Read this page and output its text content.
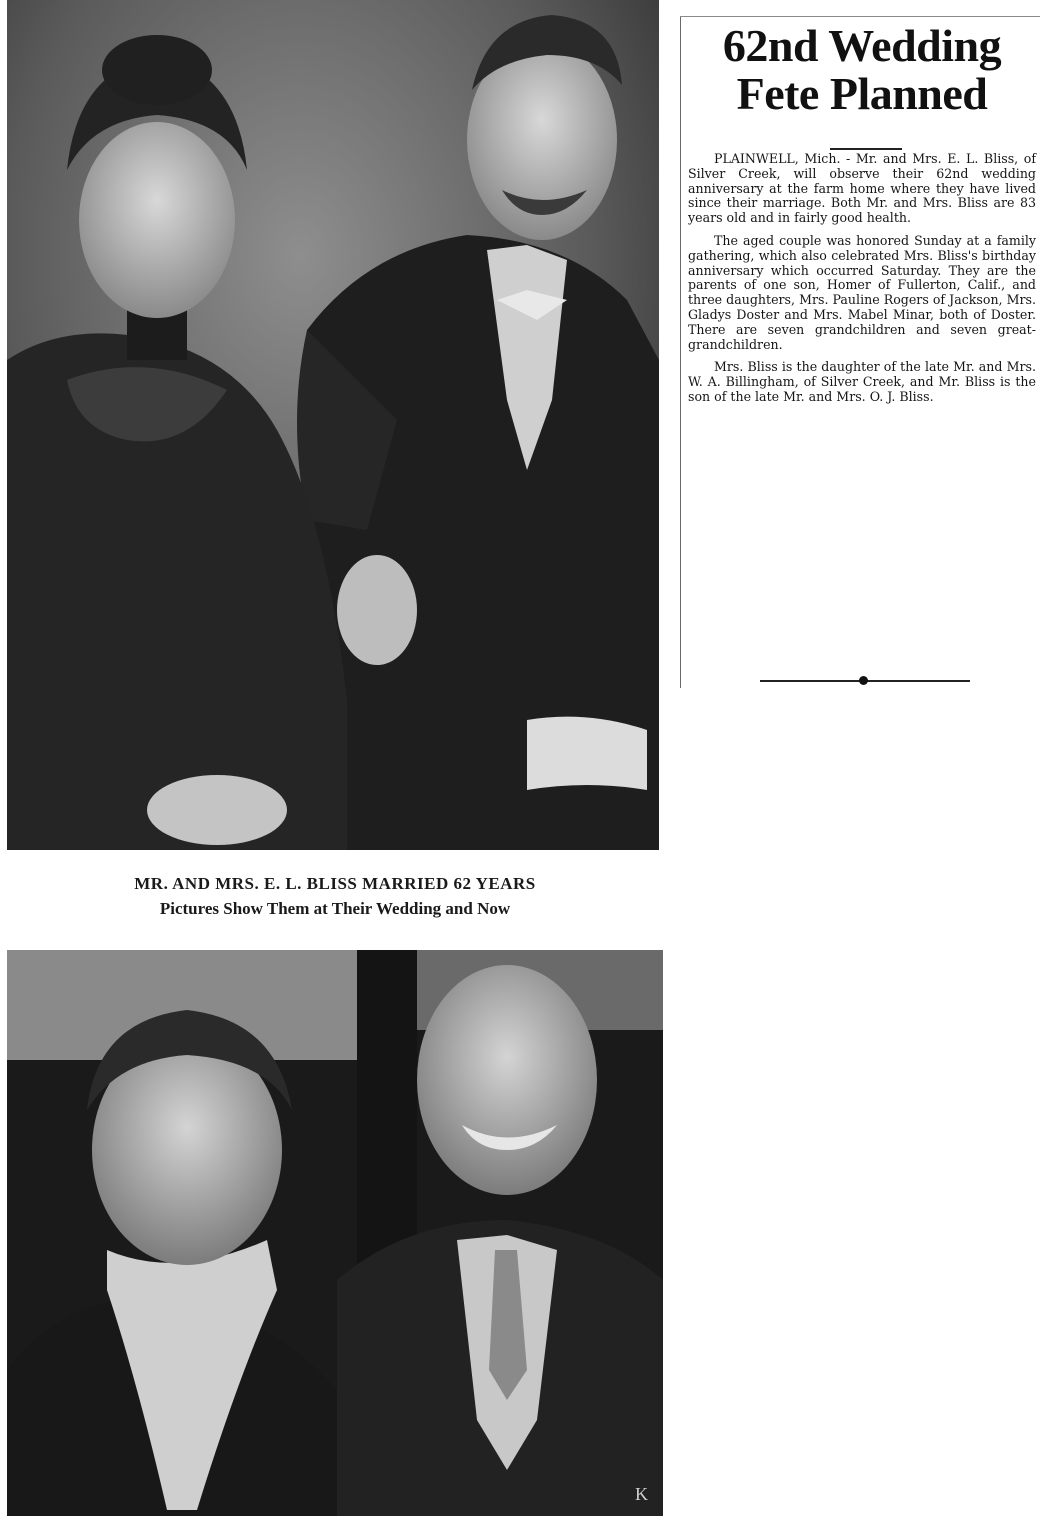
MR. AND MRS. E. L. BLISS MARRIED 62 YEARS
Pictures Show Them at Their Wedding and Now
62nd Wedding Fete Planned

PLAINWELL, Mich. - Mr. and Mrs. E. L. Bliss, of Silver Creek, will observe their 62nd wedding anniversary at the farm home where they have lived since their marriage. Both Mr. and Mrs. Bliss are 83 years old and in fairly good health.

The aged couple was honored Sunday at a family gathering, which also celebrated Mrs. Bliss's birthday anniversary which occurred Saturday. They are the parents of one son, Homer of Fullerton, Calif., and three daughters, Mrs. Pauline Rogers of Jackson, Mrs. Gladys Doster and Mrs. Mabel Minar, both of Doster. There are seven grandchildren and seven great-grandchildren.

Mrs. Bliss is the daughter of the late Mr. and Mrs. W. A. Billingham, of Silver Creek, and Mr. Bliss is the son of the late Mr. and Mrs. O. J. Bliss.

K
